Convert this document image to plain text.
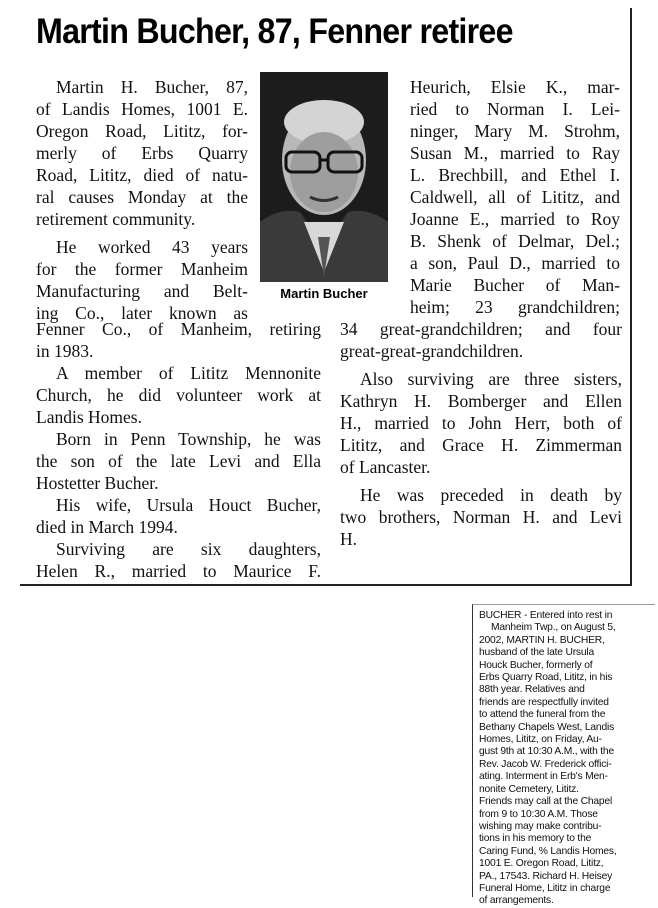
Martin Bucher, 87, Fenner retiree

Martin H. Bucher, 87,

of Landis Homes, 1001 E.

Oregon Road, Lititz, for-

merly of Erbs Quarry

Road, Lititz, died of natu-

ral causes Monday at the

retirement community.

He worked 43 years

for the former Manheim

Manufacturing and Belt-

ing Co., later known as

Martin Bucher

Heurich, Elsie K., mar-

ried to Norman I. Lei-

ninger, Mary M. Strohm,

Susan M., married to Ray

L. Brechbill, and Ethel I.

Caldwell, all of Lititz, and

Joanne E., married to Roy

B. Shenk of Delmar, Del.;

a son, Paul D., married to

Marie Bucher of Man-

heim; 23 grandchildren;

Fenner Co., of Manheim, retiring

in 1983.

A member of Lititz Mennonite

Church, he did volunteer work at

Landis Homes.

Born in Penn Township, he was

the son of the late Levi and Ella

Hostetter Bucher.

His wife, Ursula Houct Bucher,

died in March 1994.

Surviving are six daughters,

Helen R., married to Maurice F.

34 great-grandchildren; and four

great-great-grandchildren.

Also surviving are three sisters,

Kathryn H. Bomberger and Ellen

H., married to John Herr, both of

Lititz, and Grace H. Zimmerman

of Lancaster.

He was preceded in death by

two brothers, Norman H. and Levi

H.

BUCHER - Entered into rest in

Manheim Twp., on August 5,

2002, MARTIN H. BUCHER,

husband of the late Ursula

Houck Bucher, formerly of

Erbs Quarry Road, Lititz, in his

88th year. Relatives and

friends are respectfully invited

to attend the funeral from the

Bethany Chapels West, Landis

Homes, Lititz, on Friday, Au-

gust 9th at 10:30 A.M., with the

Rev. Jacob W. Frederick offici-

ating. Interment in Erb's Men-

nonite Cemetery, Lititz.

Friends may call at the Chapel

from 9 to 10:30 A.M. Those

wishing may make contribu-

tions in his memory to the

Caring Fund, % Landis Homes,

1001 E. Oregon Road, Lititz,

PA., 17543. Richard H. Heisey

Funeral Home, Lititz in charge

of arrangements.
